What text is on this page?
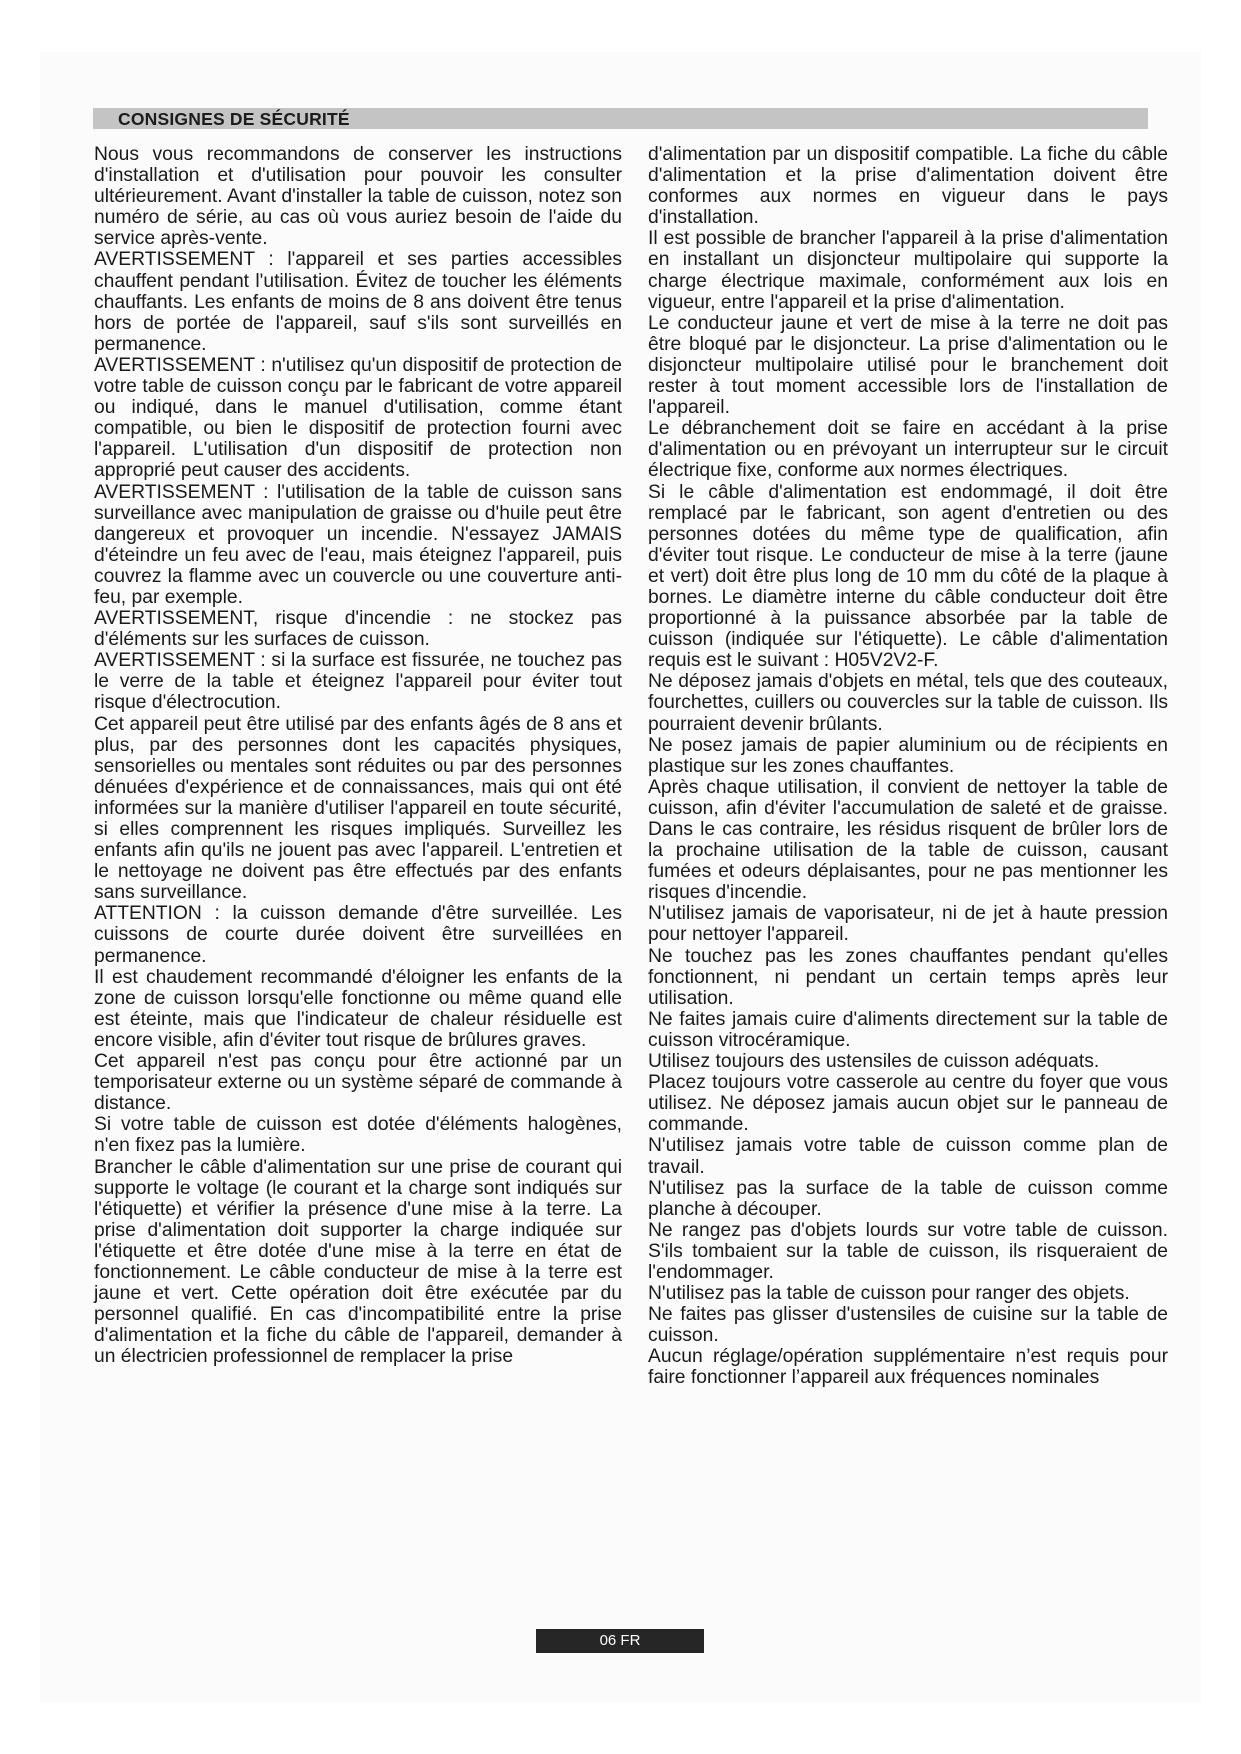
CONSIGNES DE SÉCURITÉ

Nous vous recommandons de conserver les instructions d'installation et d'utilisation pour pouvoir les consulter ultérieurement. Avant d'installer la table de cuisson, notez son numéro de série, au cas où vous auriez besoin de l'aide du service après-vente.

AVERTISSEMENT : l'appareil et ses parties accessibles chauffent pendant l'utilisation. Évitez de toucher les éléments chauffants. Les enfants de moins de 8 ans doivent être tenus hors de portée de l'appareil, sauf s'ils sont surveillés en permanence.

AVERTISSEMENT : n'utilisez qu'un dispositif de protection de votre table de cuisson conçu par le fabricant de votre appareil ou indiqué, dans le manuel d'utilisation, comme étant compatible, ou bien le dispositif de protection fourni avec l'appareil. L'utilisation d'un dispositif de protection non approprié peut causer des accidents.

AVERTISSEMENT : l'utilisation de la table de cuisson sans surveillance avec manipulation de graisse ou d'huile peut être dangereux et provoquer un incendie. N'essayez JAMAIS d'éteindre un feu avec de l'eau, mais éteignez l'appareil, puis couvrez la flamme avec un couvercle ou une couverture anti-feu, par exemple.

AVERTISSEMENT, risque d'incendie : ne stockez pas d'éléments sur les surfaces de cuisson.

AVERTISSEMENT : si la surface est fissurée, ne touchez pas le verre de la table et éteignez l'appareil pour éviter tout risque d'électrocution.

Cet appareil peut être utilisé par des enfants âgés de 8 ans et plus, par des personnes dont les capacités physiques, sensorielles ou mentales sont réduites ou par des personnes dénuées d'expérience et de connaissances, mais qui ont été informées sur la manière d'utiliser l'appareil en toute sécurité, si elles comprennent les risques impliqués. Surveillez les enfants afin qu'ils ne jouent pas avec l'appareil. L'entretien et le nettoyage ne doivent pas être effectués par des enfants sans surveillance.

ATTENTION : la cuisson demande d'être surveillée. Les cuissons de courte durée doivent être surveillées en permanence.

Il est chaudement recommandé d'éloigner les enfants de la zone de cuisson lorsqu'elle fonctionne ou même quand elle est éteinte, mais que l'indicateur de chaleur résiduelle est encore visible, afin d'éviter tout risque de brûlures graves.

Cet appareil n'est pas conçu pour être actionné par un temporisateur externe ou un système séparé de commande à distance.

Si votre table de cuisson est dotée d'éléments halogènes, n'en fixez pas la lumière.

Brancher le câble d'alimentation sur une prise de courant qui supporte le voltage (le courant et la charge sont indiqués sur l'étiquette) et vérifier la présence d'une mise à la terre. La prise d'alimentation doit supporter la charge indiquée sur l'étiquette et être dotée d'une mise à la terre en état de fonctionnement. Le câble conducteur de mise à la terre est jaune et vert. Cette opération doit être exécutée par du personnel qualifié. En cas d'incompatibilité entre la prise d'alimentation et la fiche du câble de l'appareil, demander à un électricien professionnel de remplacer la prise

d'alimentation par un dispositif compatible. La fiche du câble d'alimentation et la prise d'alimentation doivent être conformes aux normes en vigueur dans le pays d'installation.

Il est possible de brancher l'appareil à la prise d'alimentation en installant un disjoncteur multipolaire qui supporte la charge électrique maximale, conformément aux lois en vigueur, entre l'appareil et la prise d'alimentation.

Le conducteur jaune et vert de mise à la terre ne doit pas être bloqué par le disjoncteur. La prise d'alimentation ou le disjoncteur multipolaire utilisé pour le branchement doit rester à tout moment accessible lors de l'installation de l'appareil.

Le débranchement doit se faire en accédant à la prise d'alimentation ou en prévoyant un interrupteur sur le circuit électrique fixe, conforme aux normes électriques.

Si le câble d'alimentation est endommagé, il doit être remplacé par le fabricant, son agent d'entretien ou des personnes dotées du même type de qualification, afin d'éviter tout risque. Le conducteur de mise à la terre (jaune et vert) doit être plus long de 10 mm du côté de la plaque à bornes. Le diamètre interne du câble conducteur doit être proportionné à la puissance absorbée par la table de cuisson (indiquée sur l'étiquette). Le câble d'alimentation requis est le suivant : H05V2V2-F.

Ne déposez jamais d'objets en métal, tels que des couteaux, fourchettes, cuillers ou couvercles sur la table de cuisson. Ils pourraient devenir brûlants.

Ne posez jamais de papier aluminium ou de récipients en plastique sur les zones chauffantes.

Après chaque utilisation, il convient de nettoyer la table de cuisson, afin d'éviter l'accumulation de saleté et de graisse. Dans le cas contraire, les résidus risquent de brûler lors de la prochaine utilisation de la table de cuisson, causant fumées et odeurs déplaisantes, pour ne pas mentionner les risques d'incendie.

N'utilisez jamais de vaporisateur, ni de jet à haute pression pour nettoyer l'appareil.

Ne touchez pas les zones chauffantes pendant qu'elles fonctionnent, ni pendant un certain temps après leur utilisation.

Ne faites jamais cuire d'aliments directement sur la table de cuisson vitrocéramique.

Utilisez toujours des ustensiles de cuisson adéquats.

Placez toujours votre casserole au centre du foyer que vous utilisez. Ne déposez jamais aucun objet sur le panneau de commande.

N'utilisez jamais votre table de cuisson comme plan de travail.

N'utilisez pas la surface de la table de cuisson comme planche à découper.

Ne rangez pas d'objets lourds sur votre table de cuisson. S'ils tombaient sur la table de cuisson, ils risqueraient de l'endommager.

N'utilisez pas la table de cuisson pour ranger des objets.

Ne faites pas glisser d'ustensiles de cuisine sur la table de cuisson.

Aucun réglage/opération supplémentaire n’est requis pour faire fonctionner l’appareil aux fréquences nominales

06 FR
